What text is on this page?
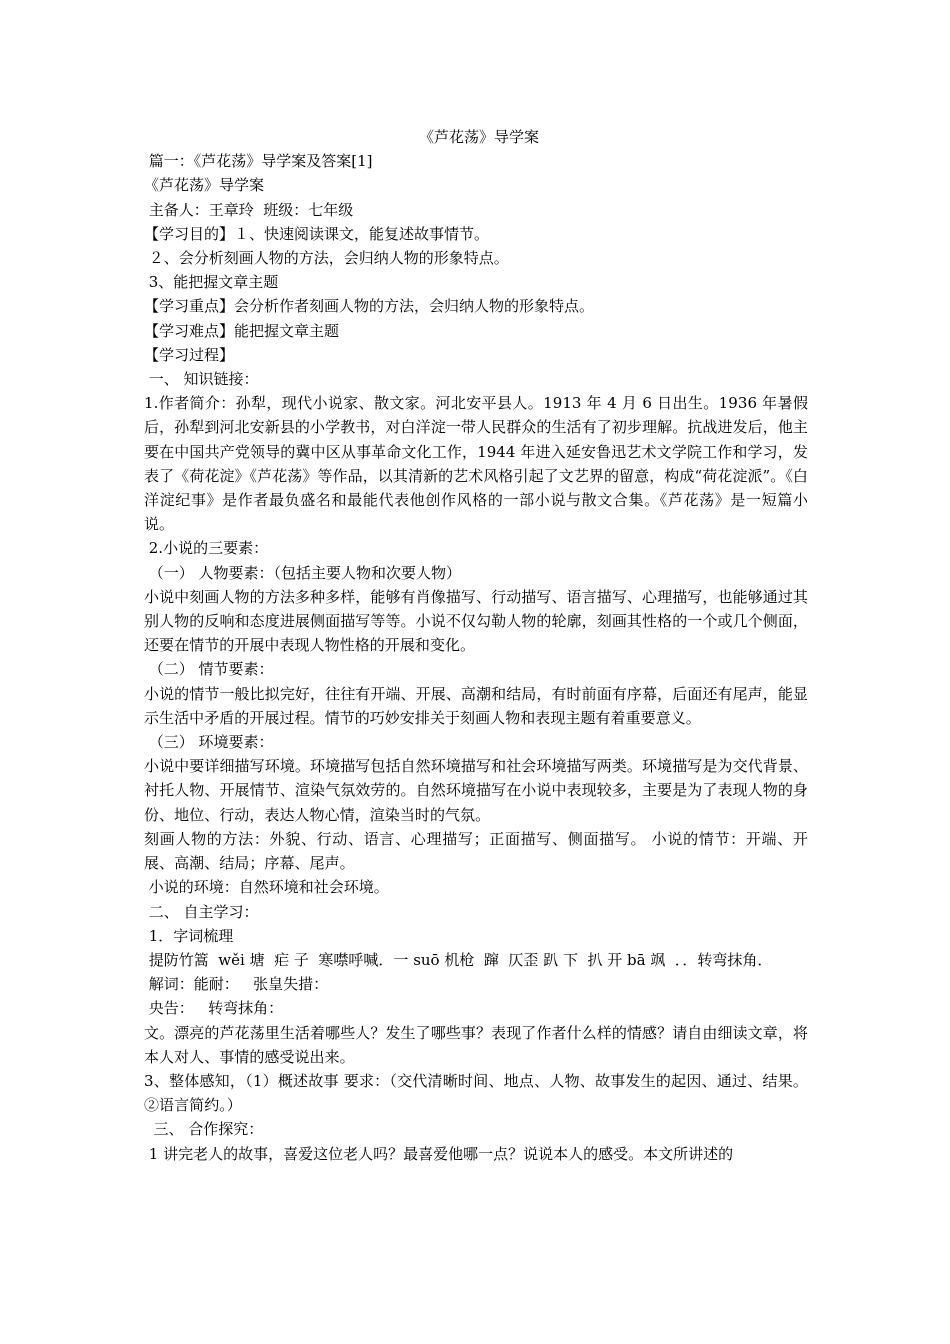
《芦花荡》导学案

篇一：《芦花荡》导学案及答案[1]

《芦花荡》导学案

主备人：王章玲  班级：七年级

【学习目的】１、快速阅读课文，能复述故事情节。

２、会分析刻画人物的方法，会归纳人物的形象特点。

3、能把握文章主题

【学习重点】会分析作者刻画人物的方法，会归纳人物的形象特点。

【学习难点】能把握文章主题

【学习过程】

一、 知识链接：

1.作者简介：孙犁，现代小说家、散文家。河北安平县人。1913 年 4 月 6 日出生。1936 年暑假后，孙犁到河北安新县的小学教书，对白洋淀一带人民群众的生活有了初步理解。抗战进发后，他主要在中国共产党领导的冀中区从事革命文化工作，1944 年进入延安鲁迅艺术文学院工作和学习，发表了《荷花淀》《芦花荡》等作品，以其清新的艺术风格引起了文艺界的留意，构成“荷花淀派”。《白洋淀纪事》是作者最负盛名和最能代表他创作风格的一部小说与散文合集。《芦花荡》是一短篇小说。

2.小说的三要素：

（一） 人物要素：（包括主要人物和次要人物）

小说中刻画人物的方法多种多样，能够有肖像描写、行动描写、语言描写、心理描写，也能够通过其别人物的反响和态度进展侧面描写等等。小说不仅勾勒人物的轮廓，刻画其性格的一个或几个侧面，还要在情节的开展中表现人物性格的开展和变化。

（二） 情节要素：

小说的情节一般比拟完好，往往有开端、开展、高潮和结局，有时前面有序幕，后面还有尾声，能显示生活中矛盾的开展过程。情节的巧妙安排关于刻画人物和表现主题有着重要意义。

（三） 环境要素：

小说中要详细描写环境。环境描写包括自然环境描写和社会环境描写两类。环境描写是为交代背景、衬托人物、开展情节、渲染气氛效劳的。自然环境描写在小说中表现较多，主要是为了表现人物的身份、地位、行动，表达人物心情，渲染当时的气氛。

刻画人物的方法：外貌、行动、语言、心理描写；正面描写、侧面描写。 小说的情节：开端、开展、高潮、结局；序幕、尾声。

小说的环境：自然环境和社会环境。

二、 自主学习：

1．字词梳理

提防竹篙  wěi 塘  疟 子  寒噤呼喊．一 suō 机枪  蹿  仄歪 趴 下  扒 开 bā 飒  ．．转弯抹角．

解词：能耐：   张皇失措：

央告：   转弯抹角：

文。漂亮的芦花荡里生活着哪些人？发生了哪些事？表现了作者什么样的情感？请自由细读文章，将本人对人、事情的感受说出来。

3、整体感知，（1）概述故事 要求：（交代清晰时间、地点、人物、故事发生的起因、通过、结果。②语言简约。）

三、 合作探究：

1 讲完老人的故事，喜爱这位老人吗？最喜爱他哪一点？说说本人的感受。本文所讲述的
